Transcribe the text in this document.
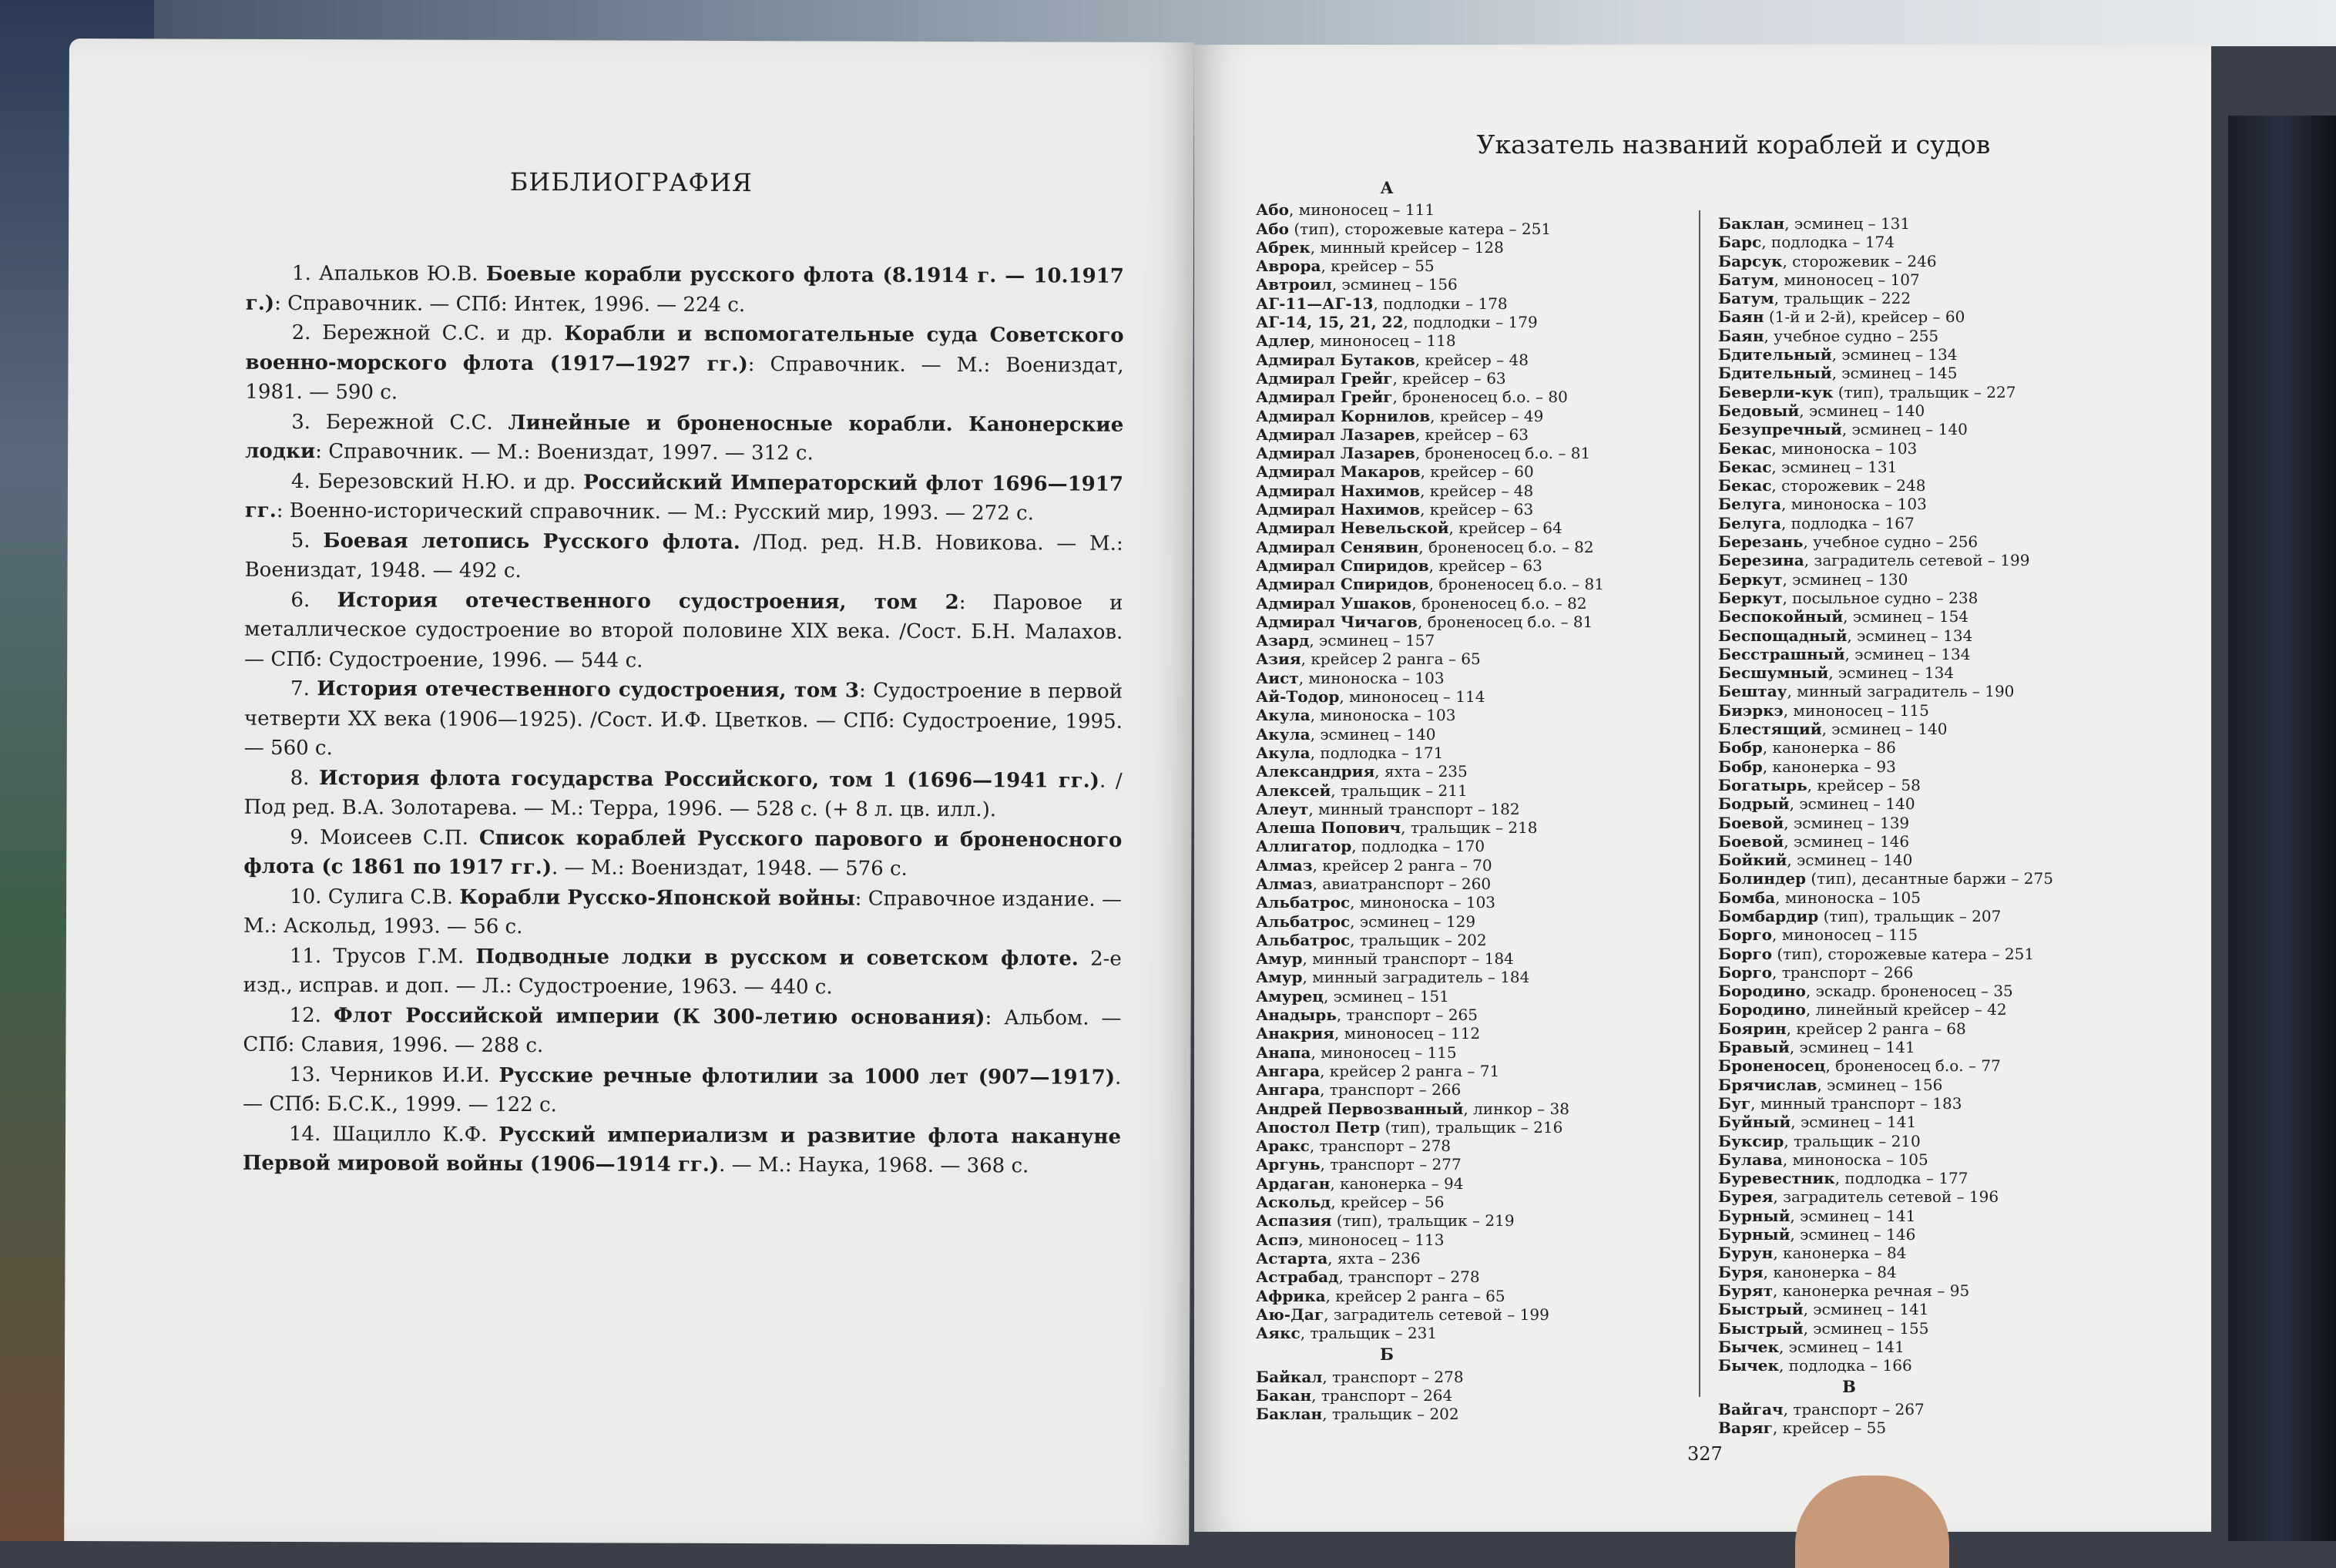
БИБЛИОГРАФИЯ

1. Апальков Ю.В. Боевые корабли русского флота (8.1914 г. — 10.1917 г.): Справочник. — СПб: Интек, 1996. — 224 с.

2. Бережной С.С. и др. Корабли и вспомогательные суда Советского военно-морского флота (1917—1927 гг.): Справочник. — М.: Воениздат, 1981. — 590 с.

3. Бережной С.С. Линейные и броненосные корабли. Канонерские лодки: Справочник. — М.: Воениздат, 1997. — 312 с.

4. Березовский Н.Ю. и др. Российский Императорский флот 1696—1917 гг.: Военно-исторический справочник. — М.: Русский мир, 1993. — 272 с.

5. Боевая летопись Русского флота. /Под. ред. Н.В. Новикова. — М.: Воениздат, 1948. — 492 с.

6. История отечественного судостроения, том 2: Паровое и металлическое судостроение во второй половине XIX века. /Сост. Б.Н. Малахов. — СПб: Судостроение, 1996. — 544 с.

7. История отечественного судостроения, том 3: Судостроение в первой четверти XX века (1906—1925). /Сост. И.Ф. Цветков. — СПб: Судостроение, 1995. — 560 с.

8. История флота государства Российского, том 1 (1696—1941 гг.). /Под ред. В.А. Золотарева. — М.: Терра, 1996. — 528 с. (+ 8 л. цв. илл.).

9. Моисеев С.П. Список кораблей Русского парового и броненосного флота (с 1861 по 1917 гг.). — М.: Воениздат, 1948. — 576 с.

10. Сулига С.В. Корабли Русско-Японской войны: Справочное издание. — М.: Аскольд, 1993. — 56 с.

11. Трусов Г.М. Подводные лодки в русском и советском флоте. 2-е изд., исправ. и доп. — Л.: Судостроение, 1963. — 440 с.

12. Флот Российской империи (К 300-летию основания): Альбом. — СПб: Славия, 1996. — 288 с.

13. Черников И.И. Русские речные флотилии за 1000 лет (907—1917). — СПб: Б.С.К., 1999. — 122 с.

14. Шацилло К.Ф. Русский империализм и развитие флота накануне Первой мировой войны (1906—1914 гг.). — М.: Наука, 1968. — 368 с.

Указатель названий кораблей и судов
А
Або, миноносец – 111
Або (тип), сторожевые катера – 251
Абрек, минный крейсер – 128
Аврора, крейсер – 55
Автроил, эсминец – 156
АГ-11—АГ-13, подлодки – 178
АГ-14, 15, 21, 22, подлодки – 179
Адлер, миноносец – 118
Адмирал Бутаков, крейсер – 48
Адмирал Грейг, крейсер – 63
Адмирал Грейг, броненосец б.о. – 80
Адмирал Корнилов, крейсер – 49
Адмирал Лазарев, крейсер – 63
Адмирал Лазарев, броненосец б.о. – 81
Адмирал Макаров, крейсер – 60
Адмирал Нахимов, крейсер – 48
Адмирал Нахимов, крейсер – 63
Адмирал Невельской, крейсер – 64
Адмирал Сенявин, броненосец б.о. – 82
Адмирал Спиридов, крейсер – 63
Адмирал Спиридов, броненосец б.о. – 81
Адмирал Ушаков, броненосец б.о. – 82
Адмирал Чичагов, броненосец б.о. – 81
Азард, эсминец – 157
Азия, крейсер 2 ранга – 65
Аист, миноноска – 103
Ай-Тодор, миноносец – 114
Акула, миноноска – 103
Акула, эсминец – 140
Акула, подлодка – 171
Александрия, яхта – 235
Алексей, тральщик – 211
Алеут, минный транспорт – 182
Алеша Попович, тральщик – 218
Аллигатор, подлодка – 170
Алмаз, крейсер 2 ранга – 70
Алмаз, авиатранспорт – 260
Альбатрос, миноноска – 103
Альбатрос, эсминец – 129
Альбатрос, тральщик – 202
Амур, минный транспорт – 184
Амур, минный заградитель – 184
Амурец, эсминец – 151
Анадырь, транспорт – 265
Анакрия, миноносец – 112
Анапа, миноносец – 115
Ангара, крейсер 2 ранга – 71
Ангара, транспорт – 266
Андрей Первозванный, линкор – 38
Апостол Петр (тип), тральщик – 216
Аракс, транспорт – 278
Аргунь, транспорт – 277
Ардаган, канонерка – 94
Аскольд, крейсер – 56
Аспазия (тип), тральщик – 219
Аспэ, миноносец – 113
Астарта, яхта – 236
Астрабад, транспорт – 278
Африка, крейсер 2 ранга – 65
Аю-Даг, заградитель сетевой – 199
Аякс, тральщик – 231
Б
Байкал, транспорт – 278
Бакан, транспорт – 264
Баклан, тральщик – 202
Баклан, эсминец – 131
Барс, подлодка – 174
Барсук, сторожевик – 246
Батум, миноносец – 107
Батум, тральщик – 222
Баян (1-й и 2-й), крейсер – 60
Баян, учебное судно – 255
Бдительный, эсминец – 134
Бдительный, эсминец – 145
Беверли-кук (тип), тральщик – 227
Бедовый, эсминец – 140
Безупречный, эсминец – 140
Бекас, миноноска – 103
Бекас, эсминец – 131
Бекас, сторожевик – 248
Белуга, миноноска – 103
Белуга, подлодка – 167
Березань, учебное судно – 256
Березина, заградитель сетевой – 199
Беркут, эсминец – 130
Беркут, посыльное судно – 238
Беспокойный, эсминец – 154
Беспощадный, эсминец – 134
Бесстрашный, эсминец – 134
Бесшумный, эсминец – 134
Бештау, минный заградитель – 190
Биэркэ, миноносец – 115
Блестящий, эсминец – 140
Бобр, канонерка – 86
Бобр, канонерка – 93
Богатырь, крейсер – 58
Бодрый, эсминец – 140
Боевой, эсминец – 139
Боевой, эсминец – 146
Бойкий, эсминец – 140
Болиндер (тип), десантные баржи – 275
Бомба, миноноска – 105
Бомбардир (тип), тральщик – 207
Борго, миноносец – 115
Борго (тип), сторожевые катера – 251
Борго, транспорт – 266
Бородино, эскадр. броненосец – 35
Бородино, линейный крейсер – 42
Боярин, крейсер 2 ранга – 68
Бравый, эсминец – 141
Броненосец, броненосец б.о. – 77
Брячислав, эсминец – 156
Буг, минный транспорт – 183
Буйный, эсминец – 141
Буксир, тральщик – 210
Булава, миноноска – 105
Буревестник, подлодка – 177
Бурея, заградитель сетевой – 196
Бурный, эсминец – 141
Бурный, эсминец – 146
Бурун, канонерка – 84
Буря, канонерка – 84
Бурят, канонерка речная – 95
Быстрый, эсминец – 141
Быстрый, эсминец – 155
Бычек, эсминец – 141
Бычек, подлодка – 166
В
Вайгач, транспорт – 267
Варяг, крейсер – 55
327
